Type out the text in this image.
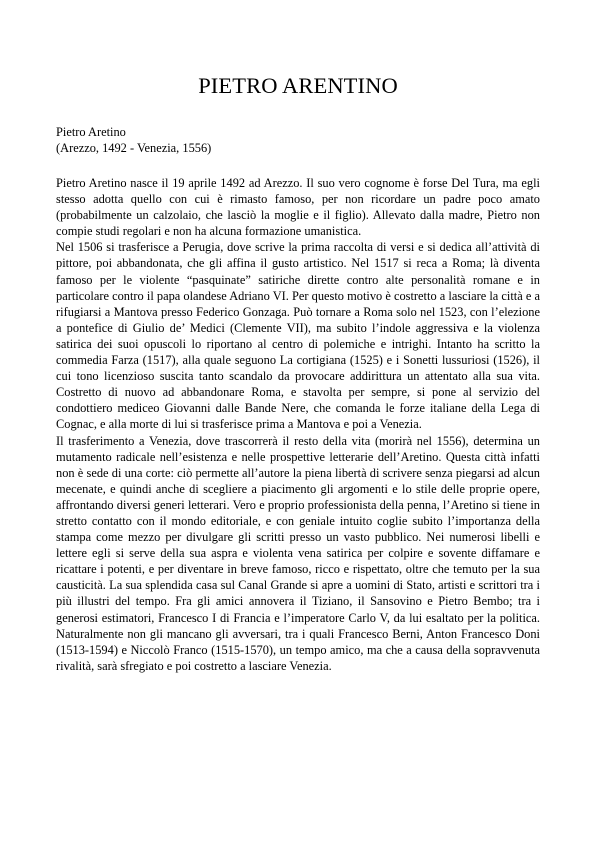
PIETRO ARENTINO
Pietro Aretino
(Arezzo, 1492 - Venezia, 1556)

Pietro Aretino nasce il 19 aprile 1492 ad Arezzo. Il suo vero cognome è forse Del Tura, ma egli stesso adotta quello con cui è rimasto famoso, per non ricordare un padre poco amato (probabilmente un calzolaio, che lasciò la moglie e il figlio). Allevato dalla madre, Pietro non compie studi regolari e non ha alcuna formazione umanistica.

Nel 1506 si trasferisce a Perugia, dove scrive la prima raccolta di versi e si dedica all’attività di pittore, poi abbandonata, che gli affina il gusto artistico. Nel 1517 si reca a Roma; là diventa famoso per le violente “pasquinate” satiriche dirette contro alte personalità romane e in particolare contro il papa olandese Adriano VI. Per questo motivo è costretto a lasciare la città e a rifugiarsi a Mantova presso Federico Gonzaga. Può tornare a Roma solo nel 1523, con l’elezione a pontefice di Giulio de’ Medici (Clemente VII), ma subito l’indole aggressiva e la violenza satirica dei suoi opuscoli lo riportano al centro di polemiche e intrighi. Intanto ha scritto la commedia Farza (1517), alla quale seguono La cortigiana (1525) e i Sonetti lussuriosi (1526), il cui tono licenzioso suscita tanto scandalo da provocare addirittura un attentato alla sua vita. Costretto di nuovo ad abbandonare Roma, e stavolta per sempre, si pone al servizio del condottiero mediceo Giovanni dalle Bande Nere, che comanda le forze italiane della Lega di Cognac, e alla morte di lui si trasferisce prima a Mantova e poi a Venezia.

Il trasferimento a Venezia, dove trascorrerà il resto della vita (morirà nel 1556), determina un mutamento radicale nell’esistenza e nelle prospettive letterarie dell’Aretino. Questa città infatti non è sede di una corte: ciò permette all’autore la piena libertà di scrivere senza piegarsi ad alcun mecenate, e quindi anche di scegliere a piacimento gli argomenti e lo stile delle proprie opere, affrontando diversi generi letterari. Vero e proprio professionista della penna, l’Aretino si tiene in stretto contatto con il mondo editoriale, e con geniale intuito coglie subito l’importanza della stampa come mezzo per divulgare gli scritti presso un vasto pubblico. Nei numerosi libelli e lettere egli si serve della sua aspra e violenta vena satirica per colpire e sovente diffamare e ricattare i potenti, e per diventare in breve famoso, ricco e rispettato, oltre che temuto per la sua causticità. La sua splendida casa sul Canal Grande si apre a uomini di Stato, artisti e scrittori tra i più illustri del tempo. Fra gli amici annovera il Tiziano, il Sansovino e Pietro Bembo; tra i generosi estimatori, Francesco I di Francia e l’imperatore Carlo V, da lui esaltato per la politica. Naturalmente non gli mancano gli avversari, tra i quali Francesco Berni, Anton Francesco Doni (1513-1594) e Niccolò Franco (1515-1570), un tempo amico, ma che a causa della sopravvenuta rivalità, sarà sfregiato e poi costretto a lasciare Venezia.
